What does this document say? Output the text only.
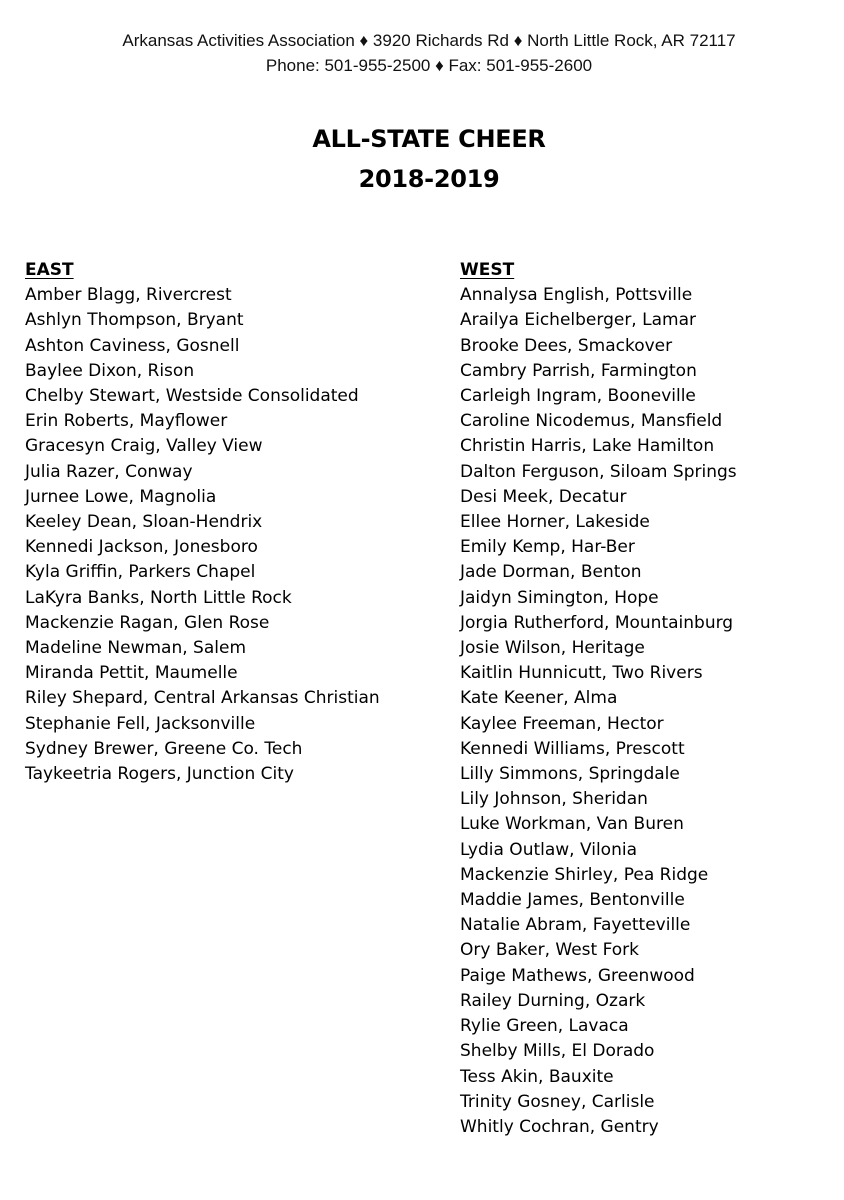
Arkansas Activities Association ♦ 3920 Richards Rd ♦ North Little Rock, AR 72117
Phone: 501-955-2500 ♦ Fax: 501-955-2600
ALL-STATE CHEER
2018-2019
EAST
Amber Blagg, Rivercrest
Ashlyn Thompson, Bryant
Ashton Caviness, Gosnell
Baylee Dixon, Rison
Chelby Stewart, Westside Consolidated
Erin Roberts, Mayflower
Gracesyn Craig, Valley View
Julia Razer, Conway
Jurnee Lowe, Magnolia
Keeley Dean, Sloan-Hendrix
Kennedi Jackson, Jonesboro
Kyla Griffin, Parkers Chapel
LaKyra Banks, North Little Rock
Mackenzie Ragan, Glen Rose
Madeline Newman, Salem
Miranda Pettit, Maumelle
Riley Shepard, Central Arkansas Christian
Stephanie Fell, Jacksonville
Sydney Brewer, Greene Co. Tech
Taykeetria Rogers, Junction City
WEST
Annalysa English, Pottsville
Arailya Eichelberger, Lamar
Brooke Dees, Smackover
Cambry Parrish, Farmington
Carleigh Ingram, Booneville
Caroline Nicodemus, Mansfield
Christin Harris, Lake Hamilton
Dalton Ferguson, Siloam Springs
Desi Meek, Decatur
Ellee Horner, Lakeside
Emily Kemp, Har-Ber
Jade Dorman, Benton
Jaidyn Simington, Hope
Jorgia Rutherford, Mountainburg
Josie Wilson, Heritage
Kaitlin Hunnicutt, Two Rivers
Kate Keener, Alma
Kaylee Freeman, Hector
Kennedi Williams, Prescott
Lilly Simmons, Springdale
Lily Johnson, Sheridan
Luke Workman, Van Buren
Lydia Outlaw, Vilonia
Mackenzie Shirley, Pea Ridge
Maddie James, Bentonville
Natalie Abram, Fayetteville
Ory Baker, West Fork
Paige Mathews, Greenwood
Railey Durning, Ozark
Rylie Green, Lavaca
Shelby Mills, El Dorado
Tess Akin, Bauxite
Trinity Gosney, Carlisle
Whitly Cochran, Gentry
